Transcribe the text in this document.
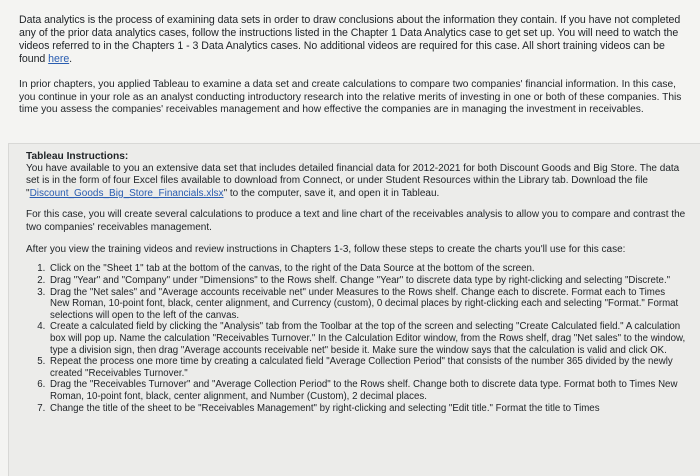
Data analytics is the process of examining data sets in order to draw conclusions about the information they contain. If you have not completed any of the prior data analytics cases, follow the instructions listed in the Chapter 1 Data Analytics case to get set up. You will need to watch the videos referred to in the Chapters 1 - 3 Data Analytics cases. No additional videos are required for this case. All short training videos can be found here.

In prior chapters, you applied Tableau to examine a data set and create calculations to compare two companies' financial information. In this case, you continue in your role as an analyst conducting introductory research into the relative merits of investing in one or both of these companies. This time you assess the companies' receivables management and how effective the companies are in managing the investment in receivables.

Tableau Instructions:

You have available to you an extensive data set that includes detailed financial data for 2012-2021 for both Discount Goods and Big Store. The data set is in the form of four Excel files available to download from Connect, or under Student Resources within the Library tab. Download the file "Discount_Goods_Big_Store_Financials.xlsx" to the computer, save it, and open it in Tableau.

For this case, you will create several calculations to produce a text and line chart of the receivables analysis to allow you to compare and contrast the two companies' receivables management.

After you view the training videos and review instructions in Chapters 1-3, follow these steps to create the charts you'll use for this case:

1. Click on the "Sheet 1" tab at the bottom of the canvas, to the right of the Data Source at the bottom of the screen.
2. Drag "Year" and "Company" under "Dimensions" to the Rows shelf. Change "Year" to discrete data type by right-clicking and selecting "Discrete."
3. Drag the "Net sales" and "Average accounts receivable net" under Measures to the Rows shelf. Change each to discrete. Format each to Times New Roman, 10-point font, black, center alignment, and Currency (custom), 0 decimal places by right-clicking each and selecting "Format." Format selections will open to the left of the canvas.
4. Create a calculated field by clicking the "Analysis" tab from the Toolbar at the top of the screen and selecting "Create Calculated field." A calculation box will pop up. Name the calculation "Receivables Turnover." In the Calculation Editor window, from the Rows shelf, drag "Net sales" to the window, type a division sign, then drag "Average accounts receivable net" beside it. Make sure the window says that the calculation is valid and click OK.
5. Repeat the process one more time by creating a calculated field "Average Collection Period" that consists of the number 365 divided by the newly created "Receivables Turnover."
6. Drag the "Receivables Turnover" and "Average Collection Period" to the Rows shelf. Change both to discrete data type. Format both to Times New Roman, 10-point font, black, center alignment, and Number (Custom), 2 decimal places.
7. Change the title of the sheet to be "Receivables Management" by right-clicking and selecting "Edit title." Format the title to Times
